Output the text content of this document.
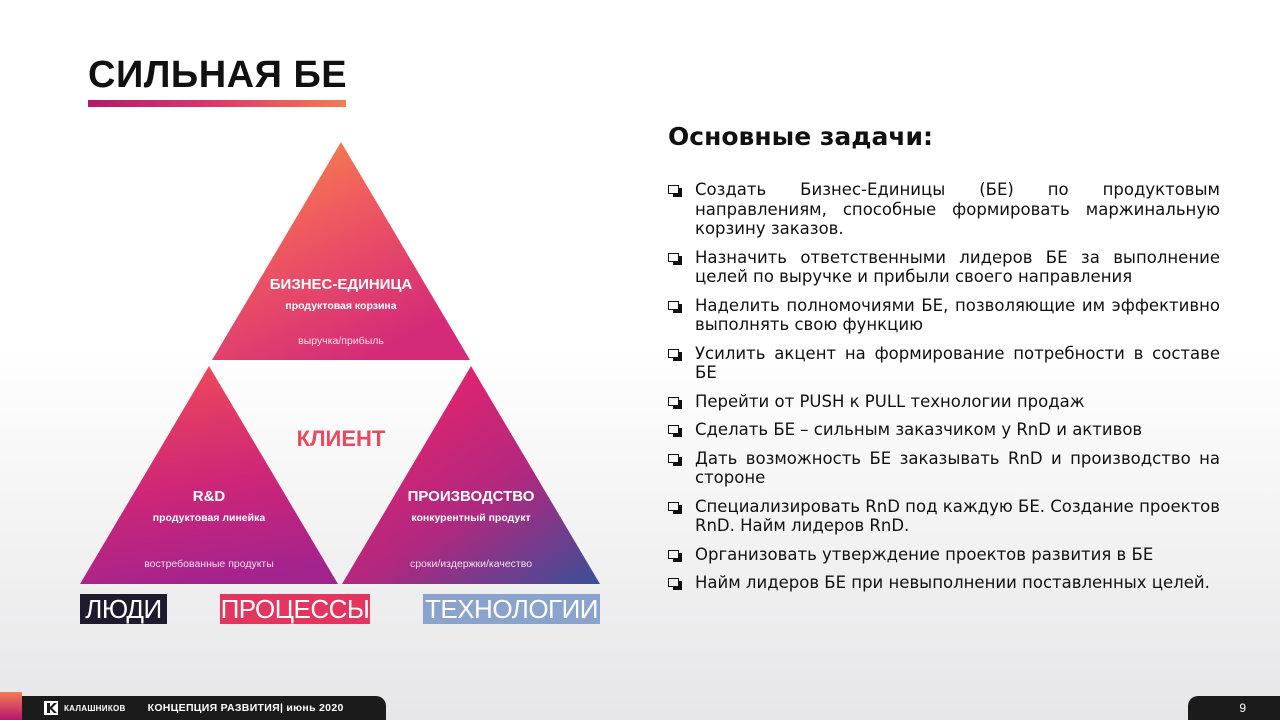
СИЛЬНАЯ БЕ
БИЗНЕС-ЕДИНИЦА
продуктовая корзина
выручка/прибыль
R&D
продуктовая линейка
востребованные продукты
ПРОИЗВОДСТВО
конкурентный продукт
сроки/издержки/качество
КЛИЕНТ
ЛЮДИ ПРОЦЕССЫ ТЕХНОЛОГИИ
Основные задачи:
Создать Бизнес-Единицы (БЕ) по продуктовым направлениям, способные формировать маржинальную корзину заказов.
Назначить ответственными лидеров БЕ за выполнение целей по выручке и прибыли своего направления
Наделить полномочиями БЕ, позволяющие им эффективно выполнять свою функцию
Усилить акцент на формирование потребности в составе БЕ
Перейти от PUSH к PULL технологии продаж
Сделать БЕ – сильным заказчиком у RnD и активов
Дать возможность БЕ заказывать RnD и производство на стороне
Специализировать RnD под каждую БЕ. Создание проектов RnD. Найм лидеров RnD.
Организовать утверждение проектов развития в БЕ
Найм лидеров БЕ при невыполнении поставленных целей.
КАЛАШНИКОВ КОНЦЕПЦИЯ РАЗВИТИЯ| июнь 2020	9
